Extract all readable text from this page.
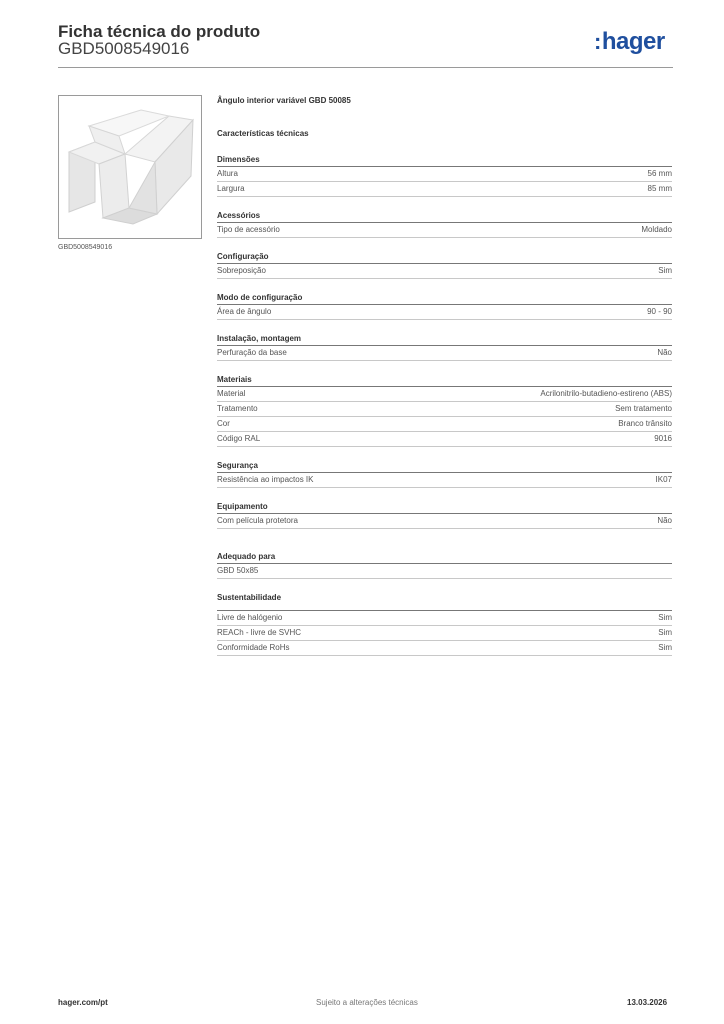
Ficha técnica do produto
GBD5008549016	:hager
GBD5008549016
Ângulo interior variável GBD 50085
Características técnicas
Dimensões
Altura	56 mm
Largura	85 mm
Acessórios
Tipo de acessório	Moldado
Configuração
Sobreposição	Sim
Modo de configuração
Área de ângulo	90 - 90
Instalação, montagem
Perfuração da base	Não
Materiais
Material	Acrilonitrilo-butadieno-estireno (ABS)
Tratamento	Sem tratamento
Cor	Branco trânsito
Código RAL	9016
Segurança
Resistência ao impactos IK	IK07
Equipamento
Com película protetora	Não
Adequado para
GBD 50x85
Sustentabilidade
Livre de halógenio	Sim
REACh - livre de SVHC	Sim
Conformidade RoHs	Sim
hager.com/pt	Sujeito a alterações técnicas	13.03.2026
